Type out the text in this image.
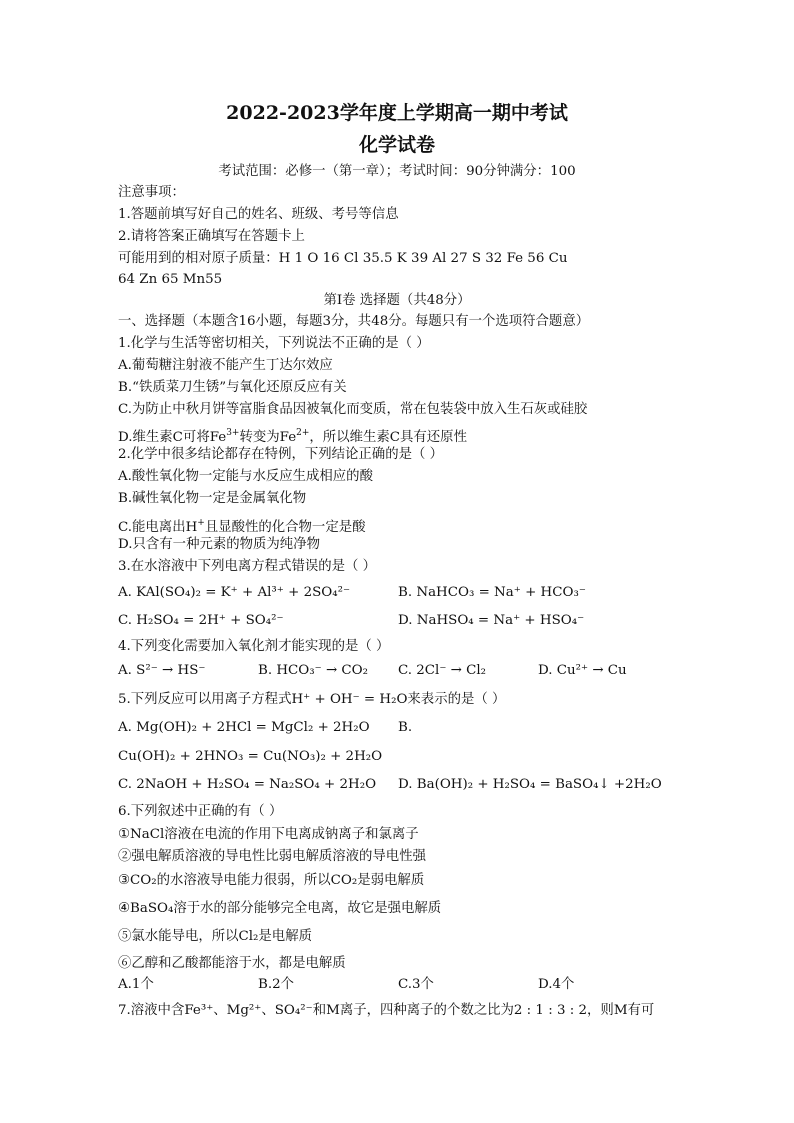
2022-2023学年度上学期高一期中考试
化学试卷

考试范围：必修一（第一章）；考试时间：90分钟满分：100

注意事项：

1.答题前填写好自己的姓名、班级、考号等信息

2.请将答案正确填写在答题卡上

可能用到的相对原子质量：H 1 O 16 Cl 35.5 K 39 Al 27 S 32 Fe 56 Cu

64 Zn 65 Mn55

第I卷 选择题（共48分）

一、选择题（本题含16小题，每题3分，共48分。每题只有一个选项符合题意）

1.化学与生活等密切相关，下列说法不正确的是（ ）

A.葡萄糖注射液不能产生丁达尔效应

B.“铁质菜刀生锈”与氧化还原反应有关

C.为防止中秋月饼等富脂食品因被氧化而变质，常在包装袋中放入生石灰或硅胶

D.维生素C可将$Fe^{3+}$转变为$Fe^{2+}$，所以维生素C具有还原性

2.化学中很多结论都存在特例，下列结论正确的是（ ）

A.酸性氧化物一定能与水反应生成相应的酸

B.碱性氧化物一定是金属氧化物

C.能电离出H+且显酸性的化合物一定是酸

D.只含有一种元素的物质为纯净物

3.在水溶液中下列电离方程式错误的是（ ）

A. KAl(SO₄)₂ = K⁺ + Al³⁺ + 2SO₄²⁻	B. NaHCO₃ = Na⁺ + HCO₃⁻
C. H₂SO₄ = 2H⁺ + SO₄²⁻	D. NaHSO₄ = Na⁺ + HSO₄⁻

4.下列变化需要加入氧化剂才能实现的是（ ）

A. S²⁻ → HS⁻	B. HCO₃⁻ → CO₂ C. 2Cl⁻ → Cl₂	D. Cu²⁺ → Cu

5.下列反应可以用离子方程式H⁺ + OH⁻ = H₂O来表示的是（ ）

A. Mg(OH)₂ + 2HCl = MgCl₂ + 2H₂O B.

Cu(OH)₂ + 2HNO₃ = Cu(NO₃)₂ + 2H₂O

C. 2NaOH + H₂SO₄ = Na₂SO₄ + 2H₂O D. Ba(OH)₂ + H₂SO₄ = BaSO₄↓ +2H₂O

6.下列叙述中正确的有（ ）

①NaCl溶液在电流的作用下电离成钠离子和氯离子

②强电解质溶液的导电性比弱电解质溶液的导电性强

③CO₂的水溶液导电能力很弱，所以CO₂是弱电解质

④BaSO₄溶于水的部分能够完全电离，故它是强电解质

⑤氯水能导电，所以Cl₂是电解质

⑥乙醇和乙酸都能溶于水，都是电解质

A.1个	B.2个	C.3个	D.4个

7.溶液中含Fe³⁺、Mg²⁺、SO₄²⁻和M离子，四种离子的个数之比为2 : 1 : 3 : 2，则M有可
